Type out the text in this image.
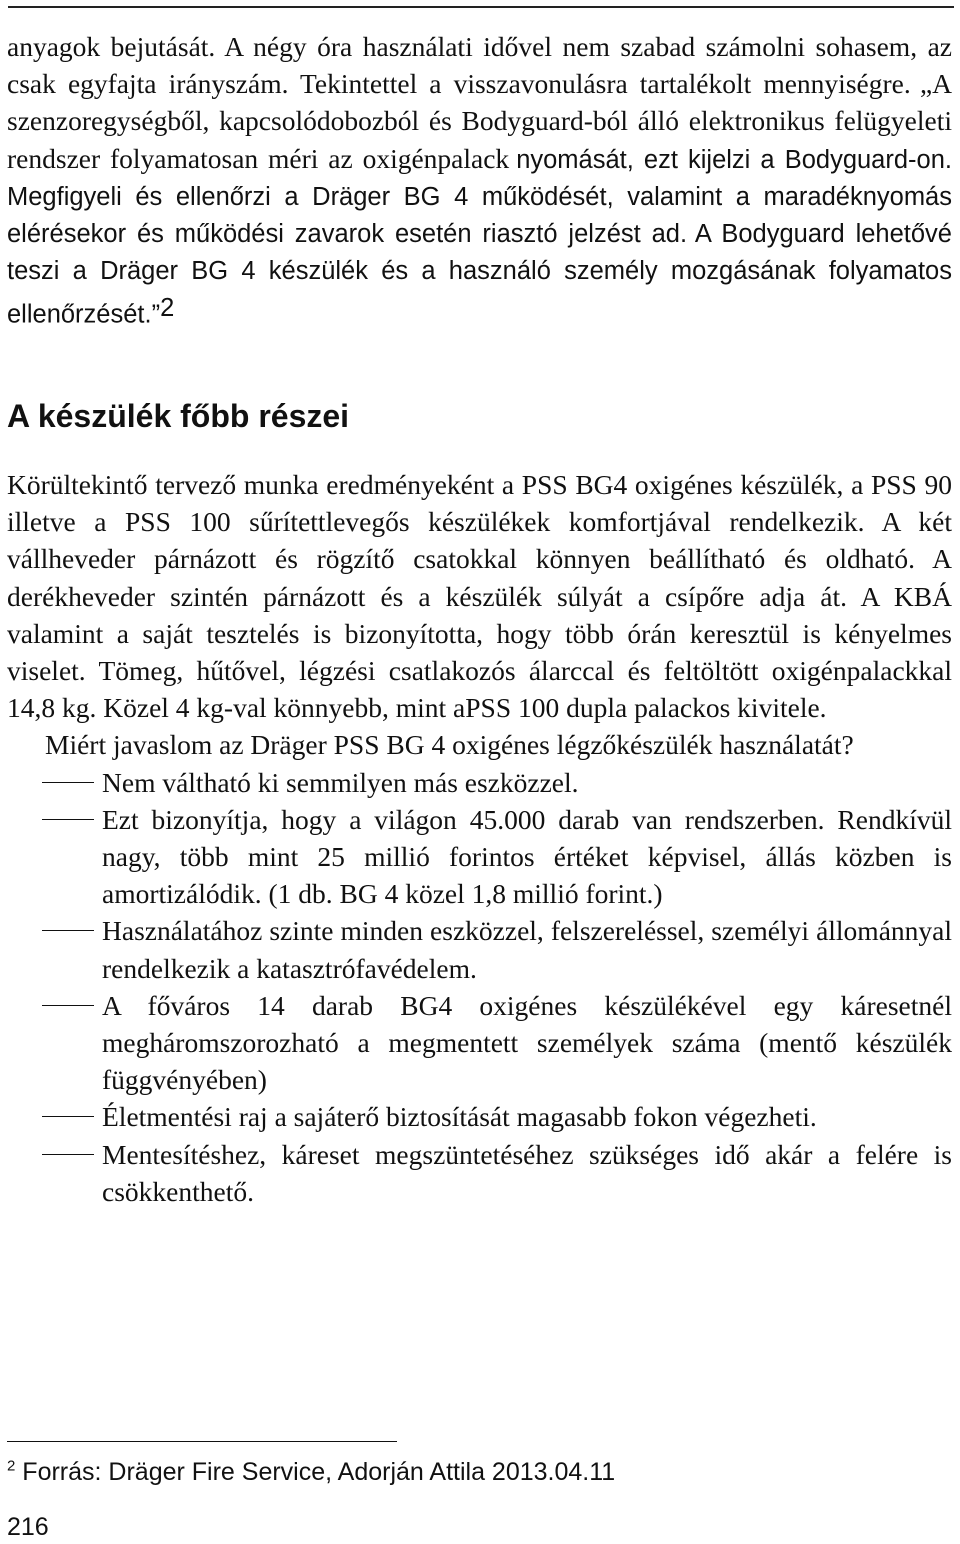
anyagok bejutását. A négy óra használati idővel nem szabad számolni sohasem, az csak egyfajta irányszám. Tekintettel a visszavonulásra tartalékolt mennyiségre. „A szenzoregységből, kapcsolódobozból és Bodyguard-ból álló elektronikus felügyeleti rendszer folyamatosan méri az oxigénpalack nyomását, ezt kijelzi a Bodyguard-on. Megfigyeli és ellenőrzi a Dräger BG 4 működését, valamint a maradéknyomás elérésekor és működési zavarok esetén riasztó jelzést ad. A Bodyguard lehetővé teszi a Dräger BG 4 készülék és a használó személy mozgásának folyamatos ellenőrzését.”$^2$
A készülék főbb részei

Körültekintő tervező munka eredményeként a PSS BG4 oxigénes készülék, a PSS 90 illetve a PSS 100 sűrítettlevegős készülékek komfortjával rendelkezik. A két vállheveder párnázott és rögzítő csatokkal könnyen beállítható és oldható. A derékheveder szintén párnázott és a készülék súlyát a csípőre adja át. A KBÁ valamint a saját tesztelés is bizonyította, hogy több órán keresztül is kényelmes viselet. Tömeg, hűtővel, légzési csatlakozós álarccal és feltöltött oxigénpalackkal 14,8 kg. Közel 4 kg-val könnyebb, mint aPSS 100 dupla palackos kivitele.

Miért javaslom az Dräger PSS BG 4 oxigénes légzőkészülék használatát?

Nem váltható ki semmilyen más eszközzel.
Ezt bizonyítja, hogy a világon 45.000 darab van rendszerben. Rendkívül nagy, több mint 25 millió forintos értéket képvisel, állás közben is amortizálódik. (1 db. BG 4 közel 1,8 millió forint.)
Használatához szinte minden eszközzel, felszereléssel, személyi állománnyal rendelkezik a katasztrófavédelem.
A főváros 14 darab BG4 oxigénes készülékével egy káresetnél megháromszorozható a megmentett személyek száma (mentő készülék függvényében)
Életmentési raj a sajáterő biztosítását magasabb fokon végezheti.
Mentesítéshez, káreset megszüntetéséhez szükséges idő akár a felére is csökkenthető.
$^2$ Forrás: Dräger Fire Service, Adorján Attila 2013.04.11
216
